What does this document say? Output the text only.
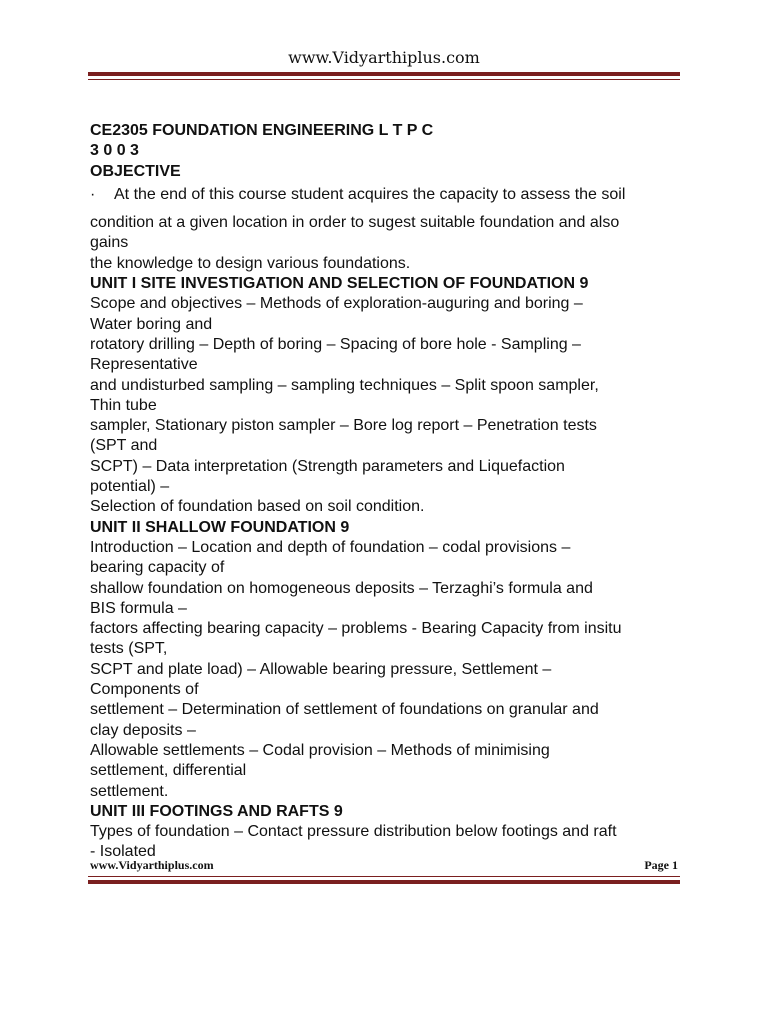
www.Vidyarthiplus.com
CE2305 FOUNDATION ENGINEERING L T P C
3 0 0 3
OBJECTIVE
· At the end of this course student acquires the capacity to assess the soil
condition at a given location in order to sugest suitable foundation and also
gains
the knowledge to design various foundations.
UNIT I SITE INVESTIGATION AND SELECTION OF FOUNDATION 9
Scope and objectives – Methods of exploration-auguring and boring –
Water boring and
rotatory drilling – Depth of boring – Spacing of bore hole - Sampling –
Representative
and undisturbed sampling – sampling techniques – Split spoon sampler,
Thin tube
sampler, Stationary piston sampler – Bore log report – Penetration tests
(SPT and
SCPT) – Data interpretation (Strength parameters and Liquefaction
potential) –
Selection of foundation based on soil condition.
UNIT II SHALLOW FOUNDATION 9
Introduction – Location and depth of foundation – codal provisions –
bearing capacity of
shallow foundation on homogeneous deposits – Terzaghi’s formula and
BIS formula –
factors affecting bearing capacity – problems - Bearing Capacity from insitu
tests (SPT,
SCPT and plate load) – Allowable bearing pressure, Settlement –
Components of
settlement – Determination of settlement of foundations on granular and
clay deposits –
Allowable settlements – Codal provision – Methods of minimising
settlement, differential
settlement.
UNIT III FOOTINGS AND RAFTS 9
Types of foundation – Contact pressure distribution below footings and raft
- Isolated
www.Vidyarthiplus.com	Page 1
